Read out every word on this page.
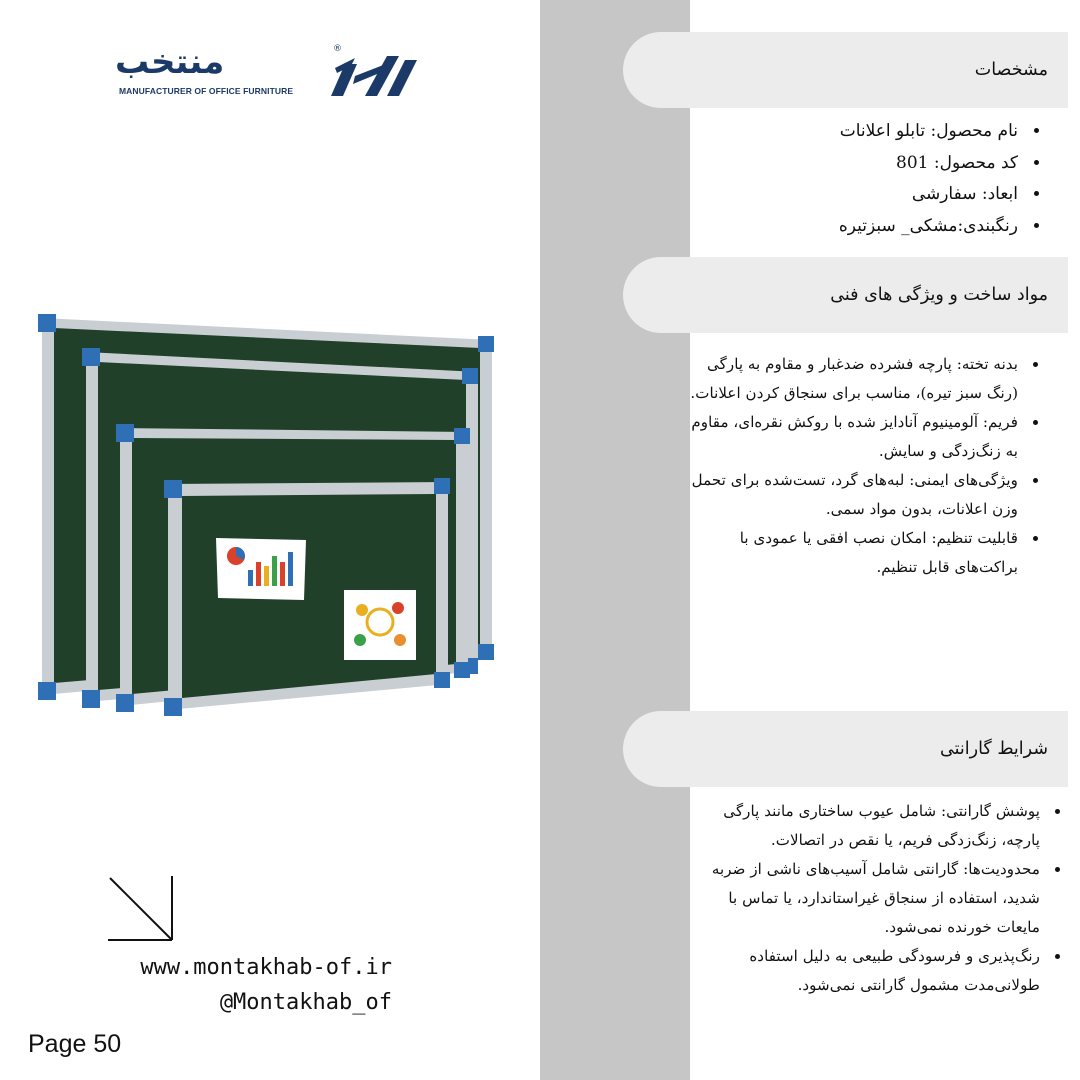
منتخب	®
MANUFACTURER OF OFFICE FURNITURE
www.montakhab-of.ir
@Montakhab_of
Page 50
مشخصات
• نام محصول: تابلو اعلانات
• کد محصول: 801
• ابعاد: سفارشی
• رنگبندی:مشکی_ سبزتیره
مواد ساخت و ویژگی های فنی
• بدنه تخته: پارچه فشرده ضدغبار و مقاوم به پارگی (رنگ سبز تیره)، مناسب برای سنجاق کردن اعلانات.
• فریم: آلومینیوم آنادایز شده با روکش نقره‌ای، مقاوم به زنگ‌زدگی و سایش.
• ویژگی‌های ایمنی: لبه‌های گرد، تست‌شده برای تحمل وزن اعلانات، بدون مواد سمی.
• قابلیت تنظیم: امکان نصب افقی یا عمودی با براکت‌های قابل تنظیم.
شرایط گارانتی
• پوشش گارانتی: شامل عیوب ساختاری مانند پارگی پارچه، زنگ‌زدگی فریم، یا نقص در اتصالات.
• محدودیت‌ها: گارانتی شامل آسیب‌های ناشی از ضربه شدید، استفاده از سنجاق غیراستاندارد، یا تماس با مایعات خورنده نمی‌شود.
• رنگ‌پذیری و فرسودگی طبیعی به دلیل استفاده طولانی‌مدت مشمول گارانتی نمی‌شود.
